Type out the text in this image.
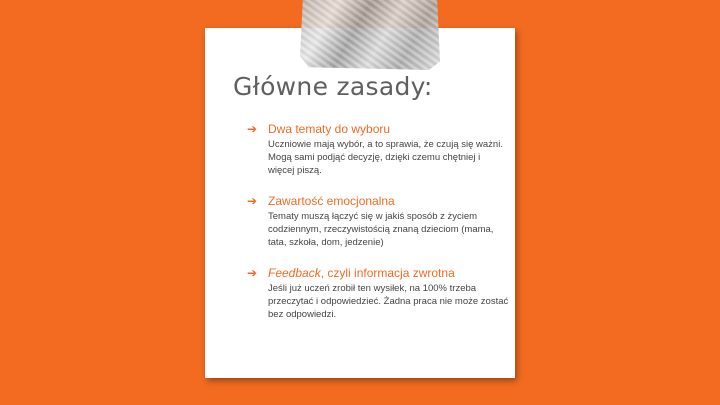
Główne zasady:
➔ Dwa tematy do wyboru
Uczniowie mają wybór, a to sprawia, że czują się ważni. Mogą sami podjąć decyzję, dzięki czemu chętniej i więcej piszą.
➔ Zawartość emocjonalna
Tematy muszą łączyć się w jakiś sposób z życiem codziennym, rzeczywistością znaną dzieciom (mama, tata, szkoła, dom, jedzenie)
➔ Feedback, czyli informacja zwrotna
Jeśli już uczeń zrobił ten wysiłek, na 100% trzeba przeczytać i odpowiedzieć. Żadna praca nie może zostać bez odpowiedzi.
